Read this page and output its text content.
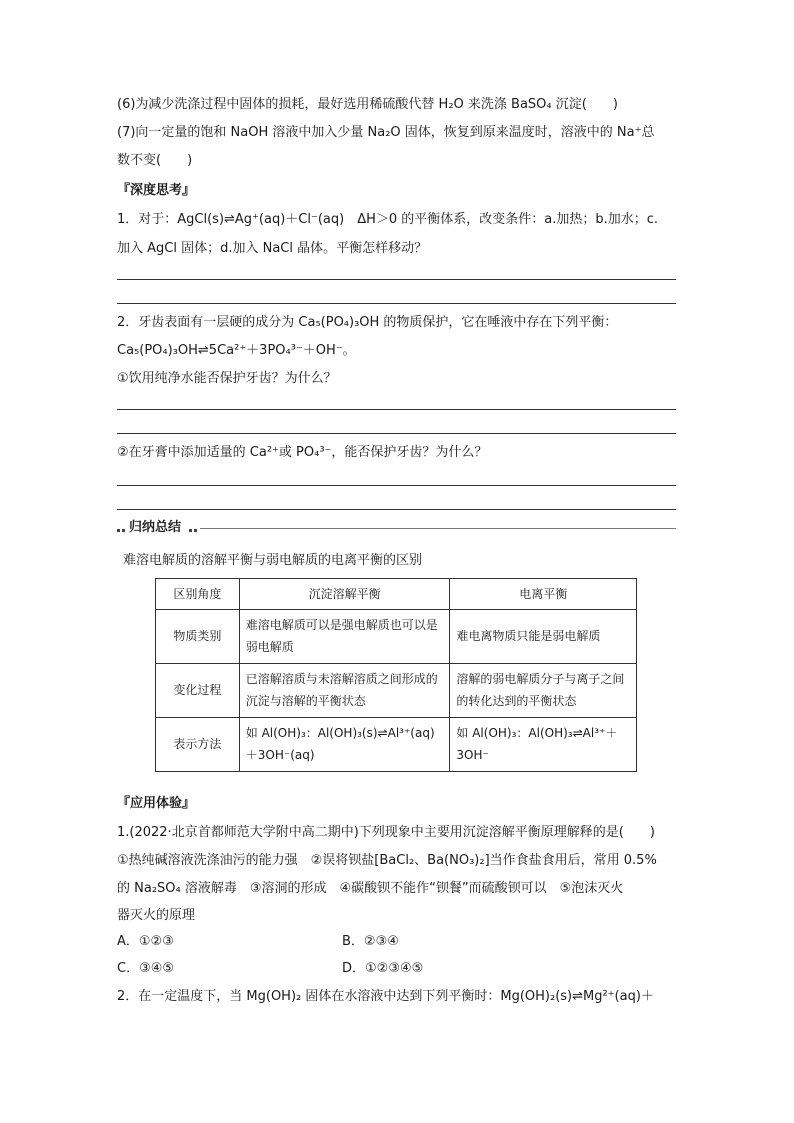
(6)为减少洗涤过程中固体的损耗，最好选用稀硫酸代替 H₂O 来洗涤 BaSO₄ 沉淀(　　)
(7)向一定量的饱和 NaOH 溶液中加入少量 Na₂O 固体，恢复到原来温度时，溶液中的 Na⁺总
数不变(　　)
『深度思考』
1．对于：AgCl(s)⇌Ag⁺(aq)＋Cl⁻(aq)　ΔH＞0 的平衡体系，改变条件：a.加热；b.加水；c.
加入 AgCl 固体；d.加入 NaCl 晶体。平衡怎样移动？
2．牙齿表面有一层硬的成分为 Ca₅(PO₄)₃OH 的物质保护，它在唾液中存在下列平衡：
Ca₅(PO₄)₃OH⇌5Ca²⁺＋3PO₄³⁻＋OH⁻。
①饮用纯净水能否保护牙齿？为什么？
②在牙膏中添加适量的 Ca²⁺或 PO₄³⁻，能否保护牙齿？为什么？
归纳总结
难溶电解质的溶解平衡与弱电解质的电离平衡的区别
区别角度	沉淀溶解平衡	电离平衡
物质类别	难溶电解质可以是强电解质也可以是弱电解质	难电离物质只能是弱电解质
变化过程	已溶解溶质与未溶解溶质之间形成的沉淀与溶解的平衡状态	溶解的弱电解质分子与离子之间的转化达到的平衡状态
表示方法	如 Al(OH)₃：Al(OH)₃(s)⇌Al³⁺(aq)＋3OH⁻(aq)	如 Al(OH)₃：Al(OH)₃⇌Al³⁺＋3OH⁻
『应用体验』
1.(2022·北京首都师范大学附中高二期中)下列现象中主要用沉淀溶解平衡原理解释的是(　　)
①热纯碱溶液洗涤油污的能力强　②误将钡盐[BaCl₂、Ba(NO₃)₂]当作食盐食用后，常用 0.5%
的 Na₂SO₄ 溶液解毒　③溶洞的形成　④碳酸钡不能作“钡餐”而硫酸钡可以　⑤泡沫灭火
器灭火的原理
A．①②③	B．②③④
C．③④⑤	D．①②③④⑤
2．在一定温度下，当 Mg(OH)₂ 固体在水溶液中达到下列平衡时：Mg(OH)₂(s)⇌Mg²⁺(aq)＋
